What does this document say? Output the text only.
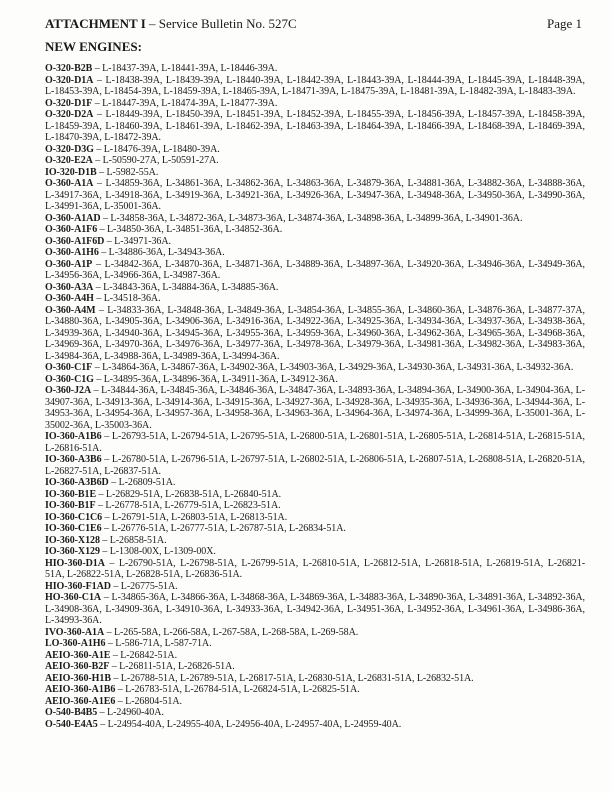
ATTACHMENT I – Service Bulletin No. 527C	Page 1
NEW ENGINES:

O-320-B2B – L-18437-39A, L-18441-39A, L-18446-39A.

O-320-D1A – L-18438-39A, L-18439-39A, L-18440-39A, L-18442-39A, L-18443-39A, L-18444-39A, L-18445-39A, L-18448-39A, L-18453-39A, L-18454-39A, L-18459-39A, L-18465-39A, L-18471-39A, L-18475-39A, L-18481-39A, L-18482-39A, L-18483-39A.

O-320-D1F – L-18447-39A, L-18474-39A, L-18477-39A.

O-320-D2A – L-18449-39A, L-18450-39A, L-18451-39A, L-18452-39A, L-18455-39A, L-18456-39A, L-18457-39A, L-18458-39A, L-18459-39A, L-18460-39A, L-18461-39A, L-18462-39A, L-18463-39A, L-18464-39A, L-18466-39A, L-18468-39A, L-18469-39A, L-18470-39A, L-18472-39A.

O-320-D3G – L-18476-39A, L-18480-39A.

O-320-E2A – L-50590-27A, L-50591-27A.

IO-320-D1B – L-5982-55A.

O-360-A1A – L-34859-36A, L-34861-36A, L-34862-36A, L-34863-36A, L-34879-36A, L-34881-36A, L-34882-36A, L-34888-36A, L-34917-36A, L-34918-36A, L-34919-36A, L-34921-36A, L-34926-36A, L-34947-36A, L-34948-36A, L-34950-36A, L-34990-36A, L-34991-36A, L-35001-36A.

O-360-A1AD – L-34858-36A, L-34872-36A, L-34873-36A, L-34874-36A, L-34898-36A, L-34899-36A, L-34901-36A.

O-360-A1F6 – L-34850-36A, L-34851-36A, L-34852-36A.

O-360-A1F6D – L-34971-36A.

O-360-A1H6 – L-34886-36A, L-34943-36A.

O-360-A1P – L-34842-36A, L-34870-36A, L-34871-36A, L-34889-36A, L-34897-36A, L-34920-36A, L-34946-36A, L-34949-36A, L-34956-36A, L-34966-36A, L-34987-36A.

O-360-A3A – L-34843-36A, L-34884-36A, L-34885-36A.

O-360-A4H – L-34518-36A.

O-360-A4M – L-34833-36A, L-34848-36A, L-34849-36A, L-34854-36A, L-34855-36A, L-34860-36A, L-34876-36A, L-34877-37A, L-34880-36A, L-34905-36A, L-34906-36A, L-34916-36A, L-34922-36A, L-34925-36A, L-34934-36A, L-34937-36A, L-34938-36A, L-34939-36A, L-34940-36A, L-34945-36A, L-34955-36A, L-34959-36A, L-34960-36A, L-34962-36A, L-34965-36A, L-34968-36A, L-34969-36A, L-34970-36A, L-34976-36A, L-34977-36A, L-34978-36A, L-34979-36A, L-34981-36A, L-34982-36A, L-34983-36A, L-34984-36A, L-34988-36A, L-34989-36A, L-34994-36A.

O-360-C1F – L-34864-36A, L-34867-36A, L-34902-36A, L-34903-36A, L-34929-36A, L-34930-36A, L-34931-36A, L-34932-36A.

O-360-C1G – L-34895-36A, L-34896-36A, L-34911-36A, L-34912-36A.

O-360-J2A – L-34844-36A, L-34845-36A, L-34846-36A, L-34847-36A, L-34893-36A, L-34894-36A, L-34900-36A, L-34904-36A, L-34907-36A, L-34913-36A, L-34914-36A, L-34915-36A, L-34927-36A, L-34928-36A, L-34935-36A, L-34936-36A, L-34944-36A, L-34953-36A, L-34954-36A, L-34957-36A, L-34958-36A, L-34963-36A, L-34964-36A, L-34974-36A, L-34999-36A, L-35001-36A, L-35002-36A, L-35003-36A.

IO-360-A1B6 – L-26793-51A, L-26794-51A, L-26795-51A, L-26800-51A, L-26801-51A, L-26805-51A, L-26814-51A, L-26815-51A, L-26816-51A.

IO-360-A3B6 – L-26780-51A, L-26796-51A, L-26797-51A, L-26802-51A, L-26806-51A, L-26807-51A, L-26808-51A, L-26820-51A, L-26827-51A, L-26837-51A.

IO-360-A3B6D – L-26809-51A.

IO-360-B1E – L-26829-51A, L-26838-51A, L-26840-51A.

IO-360-B1F – L-26778-51A, L-26779-51A, L-26823-51A.

IO-360-C1C6 – L-26791-51A, L-26803-51A, L-26813-51A.

IO-360-C1E6 – L-26776-51A, L-26777-51A, L-26787-51A, L-26834-51A.

IO-360-X128 – L-26858-51A.

IO-360-X129 – L-1308-00X, L-1309-00X.

HIO-360-D1A – L-26790-51A, L-26798-51A, L-26799-51A, L-26810-51A, L-26812-51A, L-26818-51A, L-26819-51A, L-26821-51A, L-26822-51A, L-26828-51A, L-26836-51A.

HIO-360-F1AD – L-26775-51A.

HO-360-C1A – L-34865-36A, L-34866-36A, L-34868-36A, L-34869-36A, L-34883-36A, L-34890-36A, L-34891-36A, L-34892-36A, L-34908-36A, L-34909-36A, L-34910-36A, L-34933-36A, L-34942-36A, L-34951-36A, L-34952-36A, L-34961-36A, L-34986-36A, L-34993-36A.

IVO-360-A1A – L-265-58A, L-266-58A, L-267-58A, L-268-58A, L-269-58A.

LO-360-A1H6 – L-586-71A, L-587-71A.

AEIO-360-A1E – L-26842-51A.

AEIO-360-B2F – L-26811-51A, L-26826-51A.

AEIO-360-H1B – L-26788-51A, L-26789-51A, L-26817-51A, L-26830-51A, L-26831-51A, L-26832-51A.

AEIO-360-A1B6 – L-26783-51A, L-26784-51A, L-26824-51A, L-26825-51A.

AEIO-360-A1E6 – L-26804-51A.

O-540-B4B5 – L-24960-40A.

O-540-E4A5 – L-24954-40A, L-24955-40A, L-24956-40A, L-24957-40A, L-24959-40A.
